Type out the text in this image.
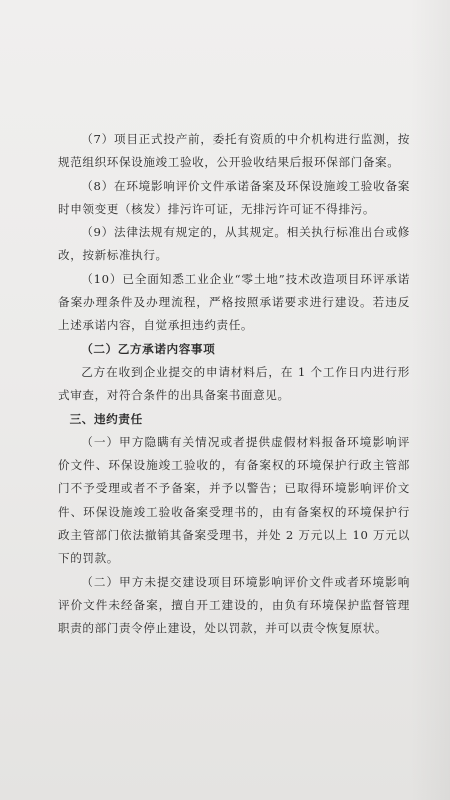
（7）项目正式投产前，委托有资质的中介机构进行监测，按规范组织环保设施竣工验收，公开验收结果后报环保部门备案。

（8）在环境影响评价文件承诺备案及环保设施竣工验收备案时申领变更（核发）排污许可证，无排污许可证不得排污。

（9）法律法规有规定的，从其规定。相关执行标准出台或修改，按新标准执行。

（10）已全面知悉工业企业“零土地”技术改造项目环评承诺备案办理条件及办理流程，严格按照承诺要求进行建设。若违反上述承诺内容，自觉承担违约责任。

（二）乙方承诺内容事项

乙方在收到企业提交的申请材料后，在 1 个工作日内进行形式审查，对符合条件的出具备案书面意见。

三、违约责任

（一）甲方隐瞒有关情况或者提供虚假材料报备环境影响评价文件、环保设施竣工验收的，有备案权的环境保护行政主管部门不予受理或者不予备案，并予以警告；已取得环境影响评价文件、环保设施竣工验收备案受理书的，由有备案权的环境保护行政主管部门依法撤销其备案受理书，并处 2 万元以上 10 万元以下的罚款。

（二）甲方未提交建设项目环境影响评价文件或者环境影响评价文件未经备案，擅自开工建设的，由负有环境保护监督管理职责的部门责令停止建设，处以罚款，并可以责令恢复原状。
